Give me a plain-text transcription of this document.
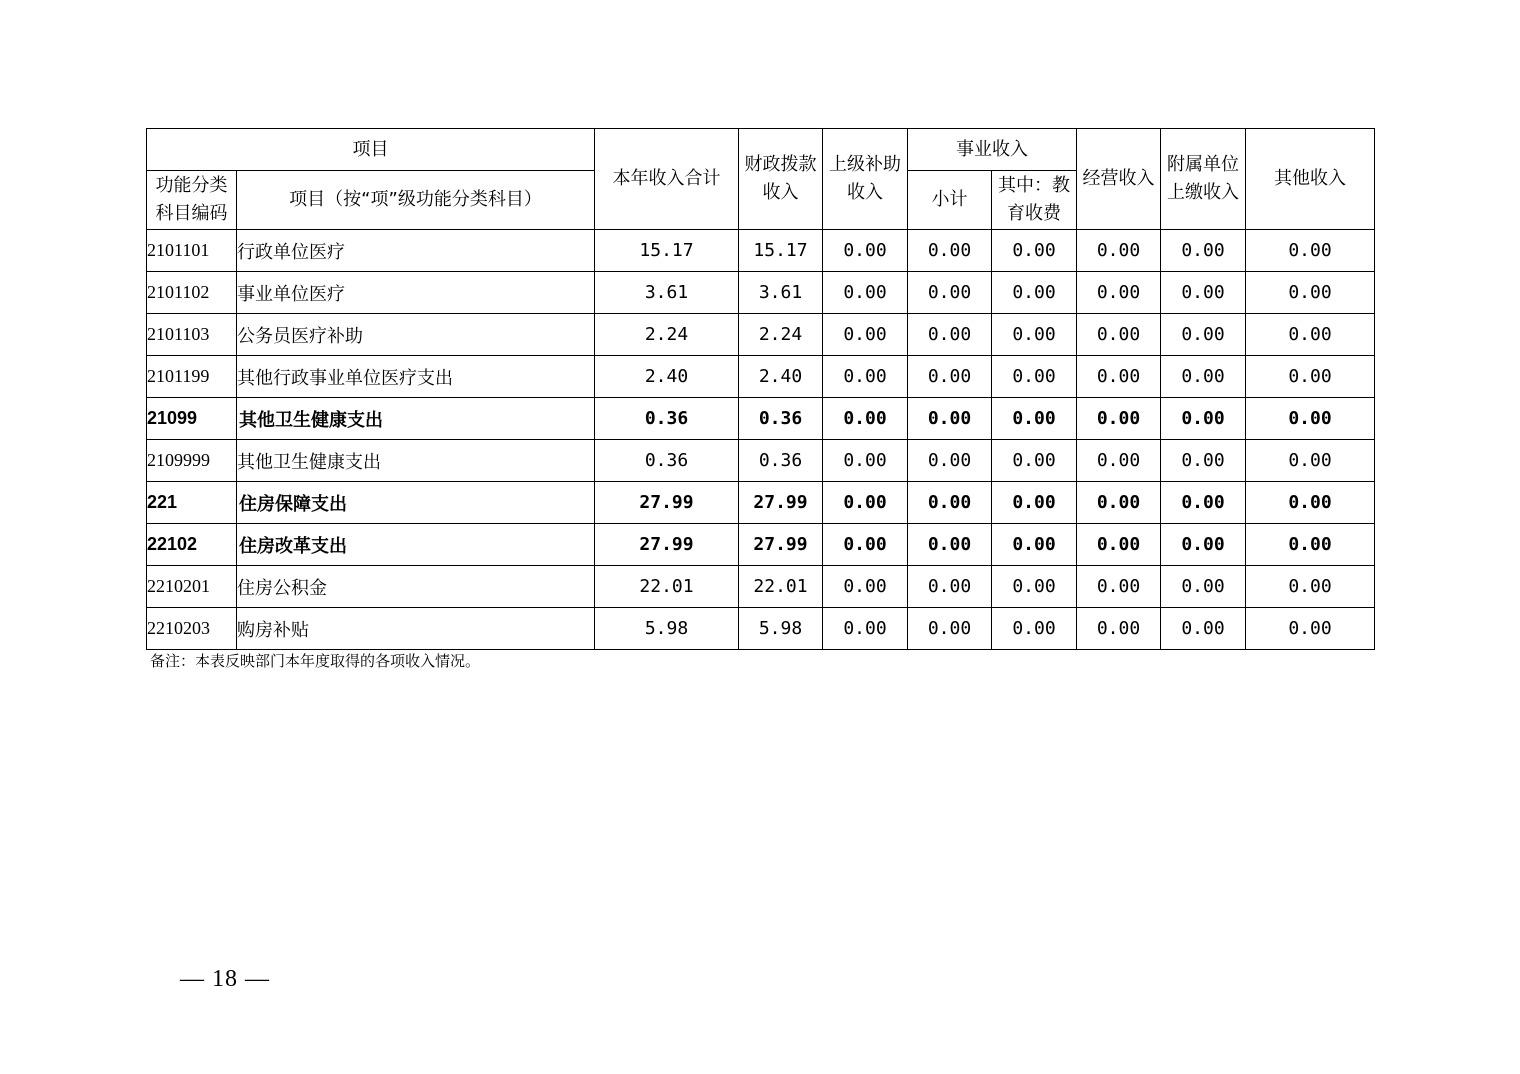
项目		本年收入合计	财政拨款收入	上级补助收入	事业收入		经营收入	附属单位上缴收入	其他收入
功能分类科目编码	项目（按“项”级功能分类科目）				小计	其中：教育收费			
2101101	行政单位医疗	15.17	15.17	0.00	0.00	0.00	0.00	0.00	0.00
2101102	事业单位医疗	3.61	3.61	0.00	0.00	0.00	0.00	0.00	0.00
2101103	公务员医疗补助	2.24	2.24	0.00	0.00	0.00	0.00	0.00	0.00
2101199	其他行政事业单位医疗支出	2.40	2.40	0.00	0.00	0.00	0.00	0.00	0.00
21099	其他卫生健康支出	0.36	0.36	0.00	0.00	0.00	0.00	0.00	0.00
2109999	其他卫生健康支出	0.36	0.36	0.00	0.00	0.00	0.00	0.00	0.00
221	住房保障支出	27.99	27.99	0.00	0.00	0.00	0.00	0.00	0.00
22102	住房改革支出	27.99	27.99	0.00	0.00	0.00	0.00	0.00	0.00
2210201	住房公积金	22.01	22.01	0.00	0.00	0.00	0.00	0.00	0.00
2210203	购房补贴	5.98	5.98	0.00	0.00	0.00	0.00	0.00	0.00
备注：本表反映部门本年度取得的各项收入情况。
— 18 —
